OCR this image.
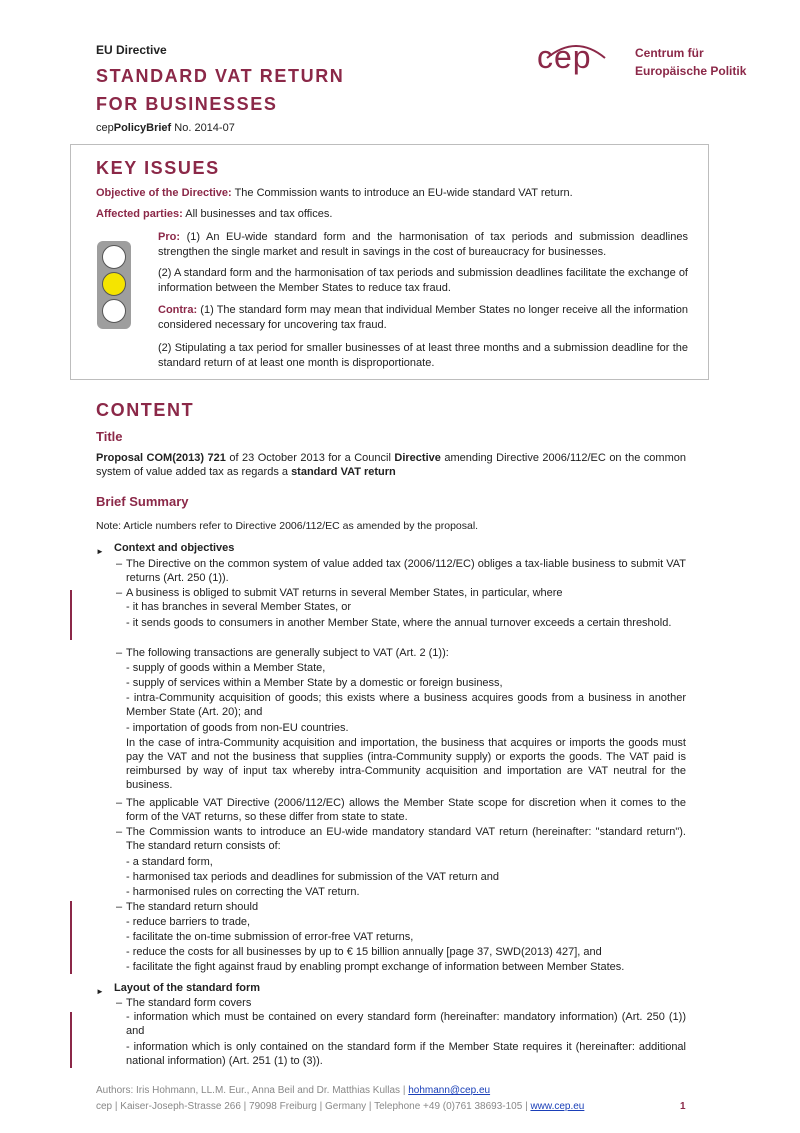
EU Directive
STANDARD VAT RETURN
FOR BUSINESSES
cepPolicyBrief No. 2014-07
cep	Centrum für
Europäische Politik
KEY ISSUES
Objective of the Directive: The Commission wants to introduce an EU-wide standard VAT return.
Affected parties: All businesses and tax offices.
Pro: (1) An EU-wide standard form and the harmonisation of tax periods and submission deadlines strengthen the single market and result in savings in the cost of bureaucracy for businesses.
(2) A standard form and the harmonisation of tax periods and submission deadlines facilitate the exchange of information between the Member States to reduce tax fraud.
Contra: (1) The standard form may mean that individual Member States no longer receive all the information considered necessary for uncovering tax fraud.
(2) Stipulating a tax period for smaller businesses of at least three months and a submission deadline for the standard return of at least one month is disproportionate.
CONTENT
Title
Proposal COM(2013) 721 of 23 October 2013 for a Council Directive amending Directive 2006/112/EC on the common system of value added tax as regards a standard VAT return
Brief Summary
Note: Article numbers refer to Directive 2006/112/EC as amended by the proposal.
► Context and objectives
– The Directive on the common system of value added tax (2006/112/EC) obliges a tax-liable business to submit VAT returns (Art. 250 (1)).
– A business is obliged to submit VAT returns in several Member States, in particular, where
- it has branches in several Member States, or
- it sends goods to consumers in another Member State, where the annual turnover exceeds a certain threshold.
– The following transactions are generally subject to VAT (Art. 2 (1)):
- supply of goods within a Member State,
- supply of services within a Member State by a domestic or foreign business,
- intra-Community acquisition of goods; this exists where a business acquires goods from a business in another Member State (Art. 20); and
- importation of goods from non-EU countries.
In the case of intra-Community acquisition and importation, the business that acquires or imports the goods must pay the VAT and not the business that supplies (intra-Community supply) or exports the goods. The VAT paid is reimbursed by way of input tax whereby intra-Community acquisition and importation are VAT neutral for the business.
– The applicable VAT Directive (2006/112/EC) allows the Member State scope for discretion when it comes to the form of the VAT returns, so these differ from state to state.
– The Commission wants to introduce an EU-wide mandatory standard VAT return (hereinafter: "standard return"). The standard return consists of:
- a standard form,
- harmonised tax periods and deadlines for submission of the VAT return and
- harmonised rules on correcting the VAT return.
– The standard return should
- reduce barriers to trade,
- facilitate the on-time submission of error-free VAT returns,
- reduce the costs for all businesses by up to € 15 billion annually [page 37, SWD(2013) 427], and
- facilitate the fight against fraud by enabling prompt exchange of information between Member States.
► Layout of the standard form
– The standard form covers
- information which must be contained on every standard form (hereinafter: mandatory information) (Art. 250 (1)) and
- information which is only contained on the standard form if the Member State requires it (hereinafter: additional national information) (Art. 251 (1) to (3)).
Authors: Iris Hohmann, LL.M. Eur., Anna Beil and Dr. Matthias Kullas | hohmann@cep.eu
cep | Kaiser-Joseph-Strasse 266 | 79098 Freiburg | Germany | Telephone +49 (0)761 38693-105 | www.cep.eu	1
